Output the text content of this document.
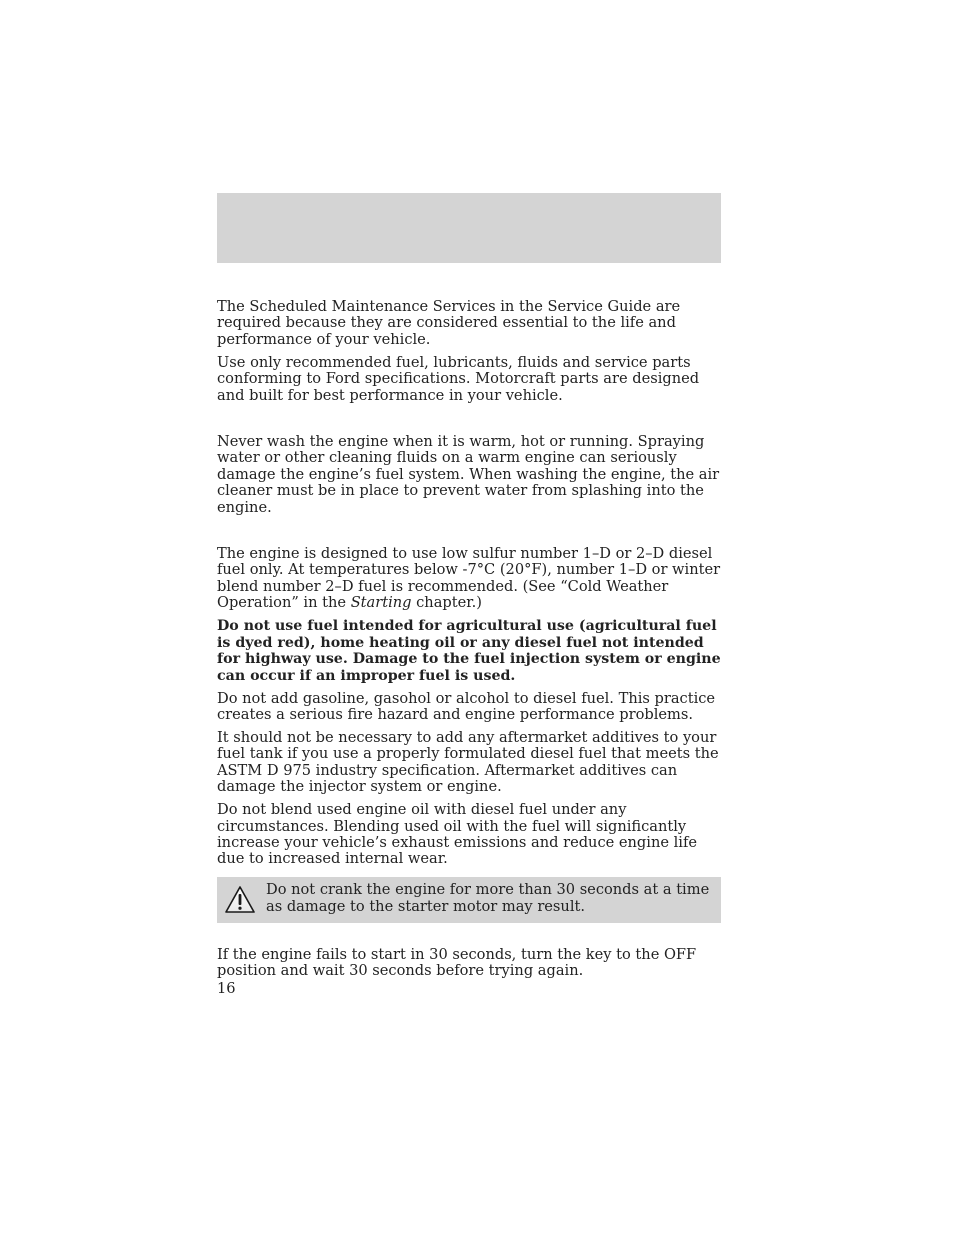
The Scheduled Maintenance Services in the Service Guide are required because they are considered essential to the life and performance of your vehicle.

Use only recommended fuel, lubricants, fluids and service parts conforming to Ford specifications. Motorcraft parts are designed and built for best performance in your vehicle.

Never wash the engine when it is warm, hot or running. Spraying water or other cleaning fluids on a warm engine can seriously damage the engine’s fuel system. When washing the engine, the air cleaner must be in place to prevent water from splashing into the engine.

The engine is designed to use low sulfur number 1–D or 2–D diesel fuel only. At temperatures below -7°C (20°F), number 1–D or winter blend number 2–D fuel is recommended. (See “Cold Weather Operation” in the Starting chapter.)

Do not use fuel intended for agricultural use (agricultural fuel is dyed red), home heating oil or any diesel fuel not intended for highway use. Damage to the fuel injection system or engine can occur if an improper fuel is used.

Do not add gasoline, gasohol or alcohol to diesel fuel. This practice creates a serious fire hazard and engine performance problems.

It should not be necessary to add any aftermarket additives to your fuel tank if you use a properly formulated diesel fuel that meets the ASTM D 975 industry specification. Aftermarket additives can damage the injector system or engine.

Do not blend used engine oil with diesel fuel under any circumstances. Blending used oil with the fuel will significantly increase your vehicle’s exhaust emissions and reduce engine life due to increased internal wear.

Do not crank the engine for more than 30 seconds at a time as damage to the starter motor may result.

If the engine fails to start in 30 seconds, turn the key to the OFF position and wait 30 seconds before trying again.

16
